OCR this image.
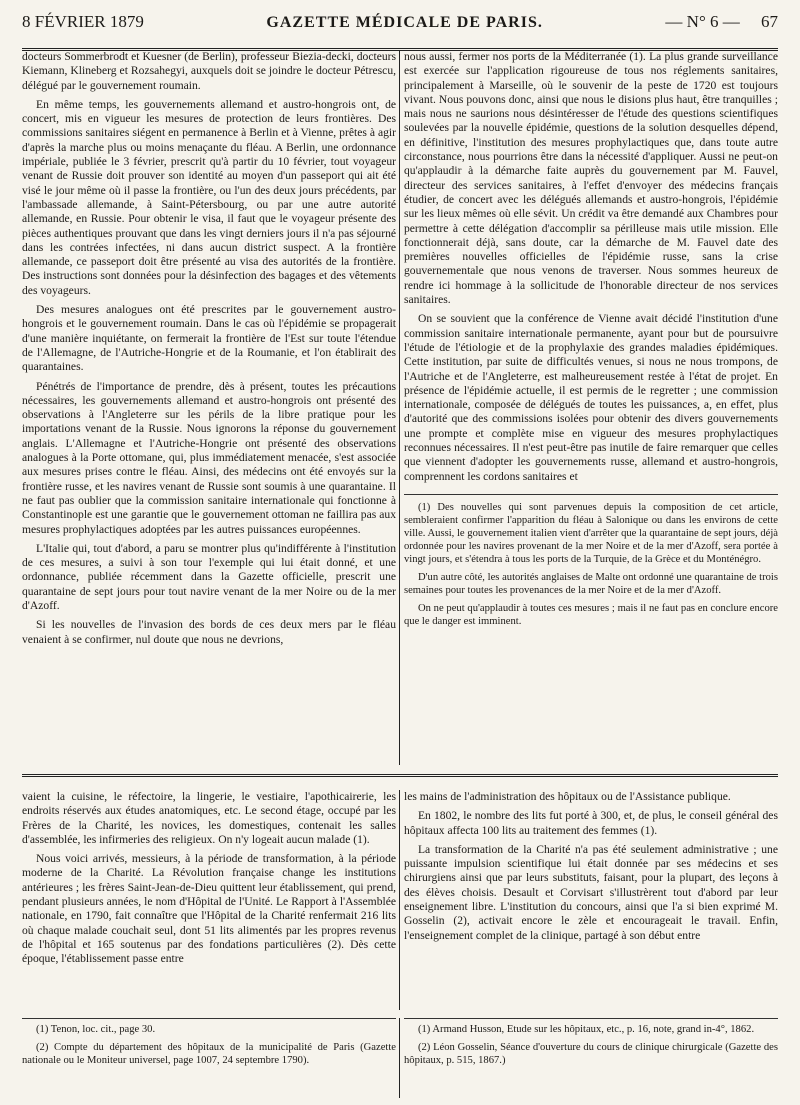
8 FÉVRIER 1879	GAZETTE MÉDICALE DE PARIS.	— N° 6 — 67

docteurs Sommerbrodt et Kuesner (de Berlin), professeur Biezia-decki, docteurs Kiemann, Klineberg et Rozsahegyi, auxquels doit se joindre le docteur Pétrescu, délégué par le gouvernement roumain.

En même temps, les gouvernements allemand et austro-hongrois ont, de concert, mis en vigueur les mesures de protection de leurs frontières. Des commissions sanitaires siégent en permanence à Berlin et à Vienne, prêtes à agir d'après la marche plus ou moins menaçante du fléau. A Berlin, une ordonnance impériale, publiée le 3 février, prescrit qu'à partir du 10 février, tout voyageur venant de Russie doit prouver son identité au moyen d'un passeport qui ait été visé le jour même où il passe la frontière, ou l'un des deux jours précédents, par l'ambassade allemande, à Saint-Pétersbourg, ou par une autre autorité allemande, en Russie. Pour obtenir le visa, il faut que le voyageur présente des pièces authentiques prouvant que dans les vingt derniers jours il n'a pas séjourné dans les contrées infectées, ni dans aucun district suspect. A la frontière allemande, ce passeport doit être présenté au visa des autorités de la frontière. Des instructions sont données pour la désinfection des bagages et des vêtements des voyageurs.

Des mesures analogues ont été prescrites par le gouvernement austro-hongrois et le gouvernement roumain. Dans le cas où l'épidémie se propagerait d'une manière inquiétante, on fermerait la frontière de l'Est sur toute l'étendue de l'Allemagne, de l'Autriche-Hongrie et de la Roumanie, et l'on établirait des quarantaines.

Pénétrés de l'importance de prendre, dès à présent, toutes les précautions nécessaires, les gouvernements allemand et austro-hongrois ont présenté des observations à l'Angleterre sur les périls de la libre pratique pour les importations venant de la Russie. Nous ignorons la réponse du gouvernement anglais. L'Allemagne et l'Autriche-Hongrie ont présenté des observations analogues à la Porte ottomane, qui, plus immédiatement menacée, s'est associée aux mesures prises contre le fléau. Ainsi, des médecins ont été envoyés sur la frontière russe, et les navires venant de Russie sont soumis à une quarantaine. Il ne faut pas oublier que la commission sanitaire internationale qui fonctionne à Constantinople est une garantie que le gouvernement ottoman ne faillira pas aux mesures prophylactiques adoptées par les autres puissances européennes.

L'Italie qui, tout d'abord, a paru se montrer plus qu'indifférente à l'institution de ces mesures, a suivi à son tour l'exemple qui lui était donné, et une ordonnance, publiée récemment dans la Gazette officielle, prescrit une quarantaine de sept jours pour tout navire venant de la mer Noire ou de la mer d'Azoff.

Si les nouvelles de l'invasion des bords de ces deux mers par le fléau venaient à se confirmer, nul doute que nous ne devrions,

nous aussi, fermer nos ports de la Méditerranée (1). La plus grande surveillance est exercée sur l'application rigoureuse de tous nos réglements sanitaires, principalement à Marseille, où le souvenir de la peste de 1720 est toujours vivant. Nous pouvons donc, ainsi que nous le disions plus haut, être tranquilles ; mais nous ne saurions nous désintéresser de l'étude des questions scientifiques soulevées par la nouvelle épidémie, questions de la solution desquelles dépend, en définitive, l'institution des mesures prophylactiques que, dans toute autre circonstance, nous pourrions être dans la nécessité d'appliquer. Aussi ne peut-on qu'applaudir à la démarche faite auprès du gouvernement par M. Fauvel, directeur des services sanitaires, à l'effet d'envoyer des médecins français étudier, de concert avec les délégués allemands et austro-hongrois, l'épidémie sur les lieux mêmes où elle sévit. Un crédit va être demandé aux Chambres pour permettre à cette délégation d'accomplir sa périlleuse mais utile mission. Elle fonctionnerait déjà, sans doute, car la démarche de M. Fauvel date des premières nouvelles officielles de l'épidémie russe, sans la crise gouvernementale que nous venons de traverser. Nous sommes heureux de rendre ici hommage à la sollicitude de l'honorable directeur de nos services sanitaires.

On se souvient que la conférence de Vienne avait décidé l'institution d'une commission sanitaire internationale permanente, ayant pour but de poursuivre l'étude de l'étiologie et de la prophylaxie des grandes maladies épidémiques. Cette institution, par suite de difficultés venues, si nous ne nous trompons, de l'Autriche et de l'Angleterre, est malheureusement restée à l'état de projet. En présence de l'épidémie actuelle, il est permis de le regretter ; une commission internationale, composée de délégués de toutes les puissances, a, en effet, plus d'autorité que des commissions isolées pour obtenir des divers gouvernements une prompte et complète mise en vigueur des mesures prophylactiques reconnues nécessaires. Il n'est peut-être pas inutile de faire remarquer que celles que viennent d'adopter les gouvernements russe, allemand et austro-hongrois, comprennent les cordons sanitaires et

(1) Des nouvelles qui sont parvenues depuis la composition de cet article, sembleraient confirmer l'apparition du fléau à Salonique ou dans les environs de cette ville. Aussi, le gouvernement italien vient d'arrêter que la quarantaine de sept jours, déjà ordonnée pour les navires provenant de la mer Noire et de la mer d'Azoff, sera portée à vingt jours, et s'étendra à tous les ports de la Turquie, de la Grèce et du Monténégro.

D'un autre côté, les autorités anglaises de Malte ont ordonné une quarantaine de trois semaines pour toutes les provenances de la mer Noire et de la mer d'Azoff.

On ne peut qu'applaudir à toutes ces mesures ; mais il ne faut pas en conclure encore que le danger est imminent.

vaient la cuisine, le réfectoire, la lingerie, le vestiaire, l'apothicairerie, les endroits réservés aux études anatomiques, etc. Le second étage, occupé par les Frères de la Charité, les novices, les domestiques, contenait les salles d'assemblée, les infirmeries des religieux. On n'y logeait aucun malade (1).

Nous voici arrivés, messieurs, à la période de transformation, à la période moderne de la Charité. La Révolution française change les institutions antérieures ; les frères Saint-Jean-de-Dieu quittent leur établissement, qui prend, pendant plusieurs années, le nom d'Hôpital de l'Unité. Le Rapport à l'Assemblée nationale, en 1790, fait connaître que l'Hôpital de la Charité renfermait 216 lits où chaque malade couchait seul, dont 51 lits alimentés par les propres revenus de l'hôpital et 165 soutenus par des fondations particulières (2). Dès cette époque, l'établissement passe entre

les mains de l'administration des hôpitaux ou de l'Assistance publique.

En 1802, le nombre des lits fut porté à 300, et, de plus, le conseil général des hôpitaux affecta 100 lits au traitement des femmes (1).

La transformation de la Charité n'a pas été seulement administrative ; une puissante impulsion scientifique lui était donnée par ses médecins et ses chirurgiens ainsi que par leurs substituts, faisant, pour la plupart, des leçons à des élèves choisis. Desault et Corvisart s'illustrèrent tout d'abord par leur enseignement libre. L'institution du concours, ainsi que l'a si bien exprimé M. Gosselin (2), activait encore le zèle et encourageait le travail. Enfin, l'enseignement complet de la clinique, partagé à son début entre

(1) Tenon, loc. cit., page 30.

(2) Compte du département des hôpitaux de la municipalité de Paris (Gazette nationale ou le Moniteur universel, page 1007, 24 septembre 1790).

(1) Armand Husson, Etude sur les hôpitaux, etc., p. 16, note, grand in-4°, 1862.

(2) Léon Gosselin, Séance d'ouverture du cours de clinique chirurgicale (Gazette des hôpitaux, p. 515, 1867.)
